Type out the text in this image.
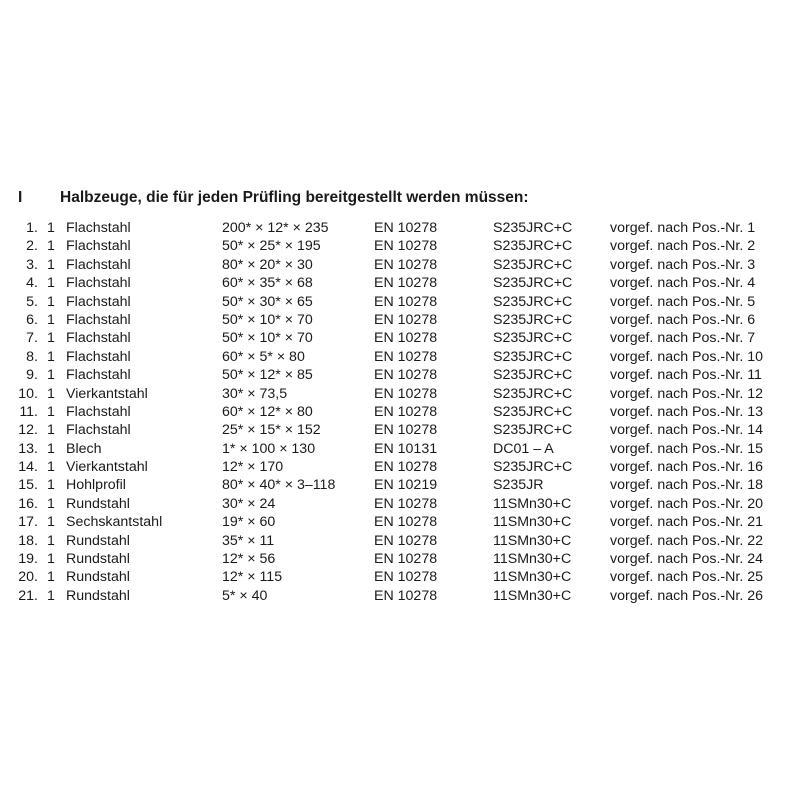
I Halbzeuge, die für jeden Prüfling bereitgestellt werden müssen:
1. 1 Flachstahl	200* × 12* × 235	EN 10278	S235JRC+C	vorgef. nach Pos.-Nr. 1
2. 1 Flachstahl	50* × 25* × 195	EN 10278	S235JRC+C	vorgef. nach Pos.-Nr. 2
3. 1 Flachstahl	80* × 20* × 30	EN 10278	S235JRC+C	vorgef. nach Pos.-Nr. 3
4. 1 Flachstahl	60* × 35* × 68	EN 10278	S235JRC+C	vorgef. nach Pos.-Nr. 4
5. 1 Flachstahl	50* × 30* × 65	EN 10278	S235JRC+C	vorgef. nach Pos.-Nr. 5
6. 1 Flachstahl	50* × 10* × 70	EN 10278	S235JRC+C	vorgef. nach Pos.-Nr. 6
7. 1 Flachstahl	50* × 10* × 70	EN 10278	S235JRC+C	vorgef. nach Pos.-Nr. 7
8. 1 Flachstahl	60* × 5* × 80	EN 10278	S235JRC+C	vorgef. nach Pos.-Nr. 10
9. 1 Flachstahl	50* × 12* × 85	EN 10278	S235JRC+C	vorgef. nach Pos.-Nr. 11
10. 1 Vierkantstahl	30* × 73,5	EN 10278	S235JRC+C	vorgef. nach Pos.-Nr. 12
11. 1 Flachstahl	60* × 12* × 80	EN 10278	S235JRC+C	vorgef. nach Pos.-Nr. 13
12. 1 Flachstahl	25* × 15* × 152	EN 10278	S235JRC+C	vorgef. nach Pos.-Nr. 14
13. 1 Blech	1* × 100 × 130	EN 10131	DC01 – A	vorgef. nach Pos.-Nr. 15
14. 1 Vierkantstahl	12* × 170	EN 10278	S235JRC+C	vorgef. nach Pos.-Nr. 16
15. 1 Hohlprofil	80* × 40* × 3–118	EN 10219	S235JR	vorgef. nach Pos.-Nr. 18
16. 1 Rundstahl	30* × 24	EN 10278	11SMn30+C	vorgef. nach Pos.-Nr. 20
17. 1 Sechskantstahl	19* × 60	EN 10278	11SMn30+C	vorgef. nach Pos.-Nr. 21
18. 1 Rundstahl	35* × 11	EN 10278	11SMn30+C	vorgef. nach Pos.-Nr. 22
19. 1 Rundstahl	12* × 56	EN 10278	11SMn30+C	vorgef. nach Pos.-Nr. 24
20. 1 Rundstahl	12* × 115	EN 10278	11SMn30+C	vorgef. nach Pos.-Nr. 25
21. 1 Rundstahl	5* × 40	EN 10278	11SMn30+C	vorgef. nach Pos.-Nr. 26
